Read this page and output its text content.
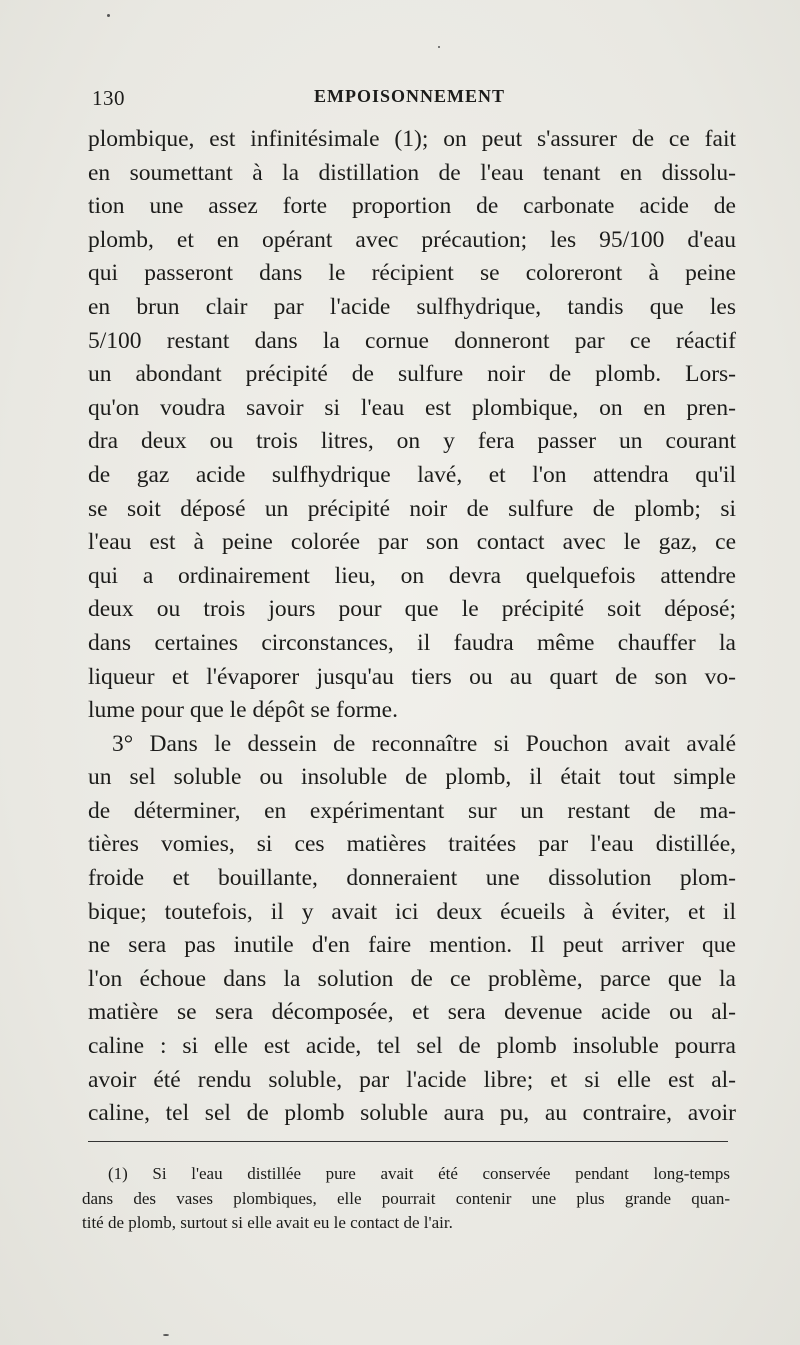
130	EMPOISONNEMENT
plombique, est infinitésimale (1); on peut s'assurer de ce fait
en soumettant à la distillation de l'eau tenant en dissolu-
tion une assez forte proportion de carbonate acide de
plomb, et en opérant avec précaution; les 95/100 d'eau
qui passeront dans le récipient se coloreront à peine
en brun clair par l'acide sulfhydrique, tandis que les
5/100 restant dans la cornue donneront par ce réactif
un abondant précipité de sulfure noir de plomb. Lors-
qu'on voudra savoir si l'eau est plombique, on en pren-
dra deux ou trois litres, on y fera passer un courant
de gaz acide sulfhydrique lavé, et l'on attendra qu'il
se soit déposé un précipité noir de sulfure de plomb; si
l'eau est à peine colorée par son contact avec le gaz, ce
qui a ordinairement lieu, on devra quelquefois attendre
deux ou trois jours pour que le précipité soit déposé;
dans certaines circonstances, il faudra même chauffer la
liqueur et l'évaporer jusqu'au tiers ou au quart de son vo-
lume pour que le dépôt se forme.
3° Dans le dessein de reconnaître si Pouchon avait avalé
un sel soluble ou insoluble de plomb, il était tout simple
de déterminer, en expérimentant sur un restant de ma-
tières vomies, si ces matières traitées par l'eau distillée,
froide et bouillante, donneraient une dissolution plom-
bique; toutefois, il y avait ici deux écueils à éviter, et il
ne sera pas inutile d'en faire mention. Il peut arriver que
l'on échoue dans la solution de ce problème, parce que la
matière se sera décomposée, et sera devenue acide ou al-
caline : si elle est acide, tel sel de plomb insoluble pourra
avoir été rendu soluble, par l'acide libre; et si elle est al-
caline, tel sel de plomb soluble aura pu, au contraire, avoir
(1) Si l'eau distillée pure avait été conservée pendant long-temps
dans des vases plombiques, elle pourrait contenir une plus grande quan-
tité de plomb, surtout si elle avait eu le contact de l'air.
